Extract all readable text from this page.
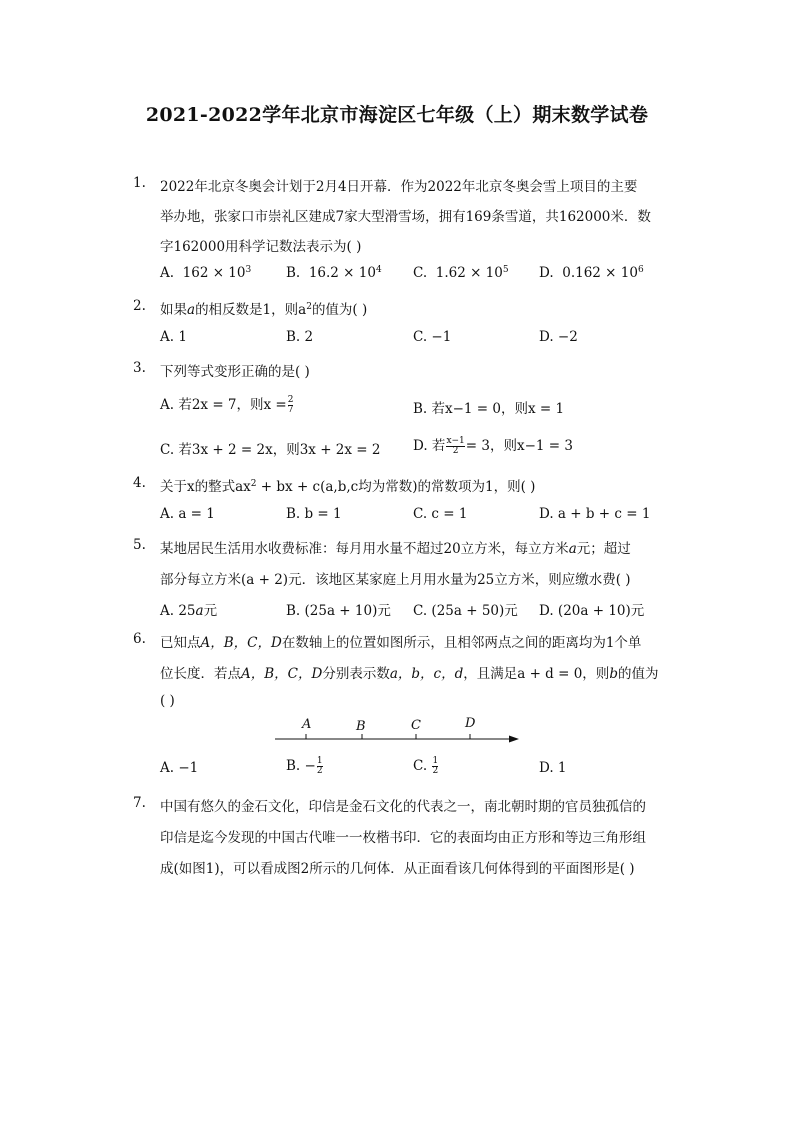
2021-2022学年北京市海淀区七年级（上）期末数学试卷
1. 2022年北京冬奥会计划于2月4日开幕．作为2022年北京冬奥会雪上项目的主要
举办地，张家口市崇礼区建成7家大型滑雪场，拥有169条雪道，共162000米．数
字162000用科学记数法表示为( )
A. $162 \times 10^3$	B. $16.2 \times 10^4$ C. $1.62 \times 10^5$ D. $0.162 \times 10^6$
2. 如果a的相反数是1，则$a^2$的值为( )
A. 1	B. 2	C. −1	D. −2
3. 下列等式变形正确的是( )
A. 若2x = 7，则$x = \frac{2}{7}$	B. 若x−1 = 0，则x = 1
C. 若3x + 2 = 2x，则3x + 2x = 2 D. 若 $\frac{x-1}{2} = 3$，则x−1 = 3
4. 关于x的整式$ax^2$ + bx + c(a,b,c均为常数)的常数项为1，则( )
A. a = 1	B. b = 1	C. c = 1	D. a + b + c = 1
5. 某地居民生活用水收费标准：每月用水量不超过20立方米，每立方米a元；超过
部分每立方米(a + 2)元．该地区某家庭上月用水量为25立方米，则应缴水费( )
A. 25a元	B. (25a + 10)元 C. (25a + 50)元 D. (20a + 10)元
6. 已知点A，B，C，D在数轴上的位置如图所示，且相邻两点之间的距离均为1个单
位长度．若点A，B，C，D分别表示数a，b，c，d，且满足a + d = 0，则b的值为
( )
A	B	C	D
A. −1	B. − $\frac{1}{2}$	C. $\frac{1}{2}$	D. 1
7. 中国有悠久的金石文化，印信是金石文化的代表之一，南北朝时期的官员独孤信的
印信是迄今发现的中国古代唯一一枚楷书印．它的表面均由正方形和等边三角形组
成(如图1)，可以看成图2所示的几何体．从正面看该几何体得到的平面图形是( )
